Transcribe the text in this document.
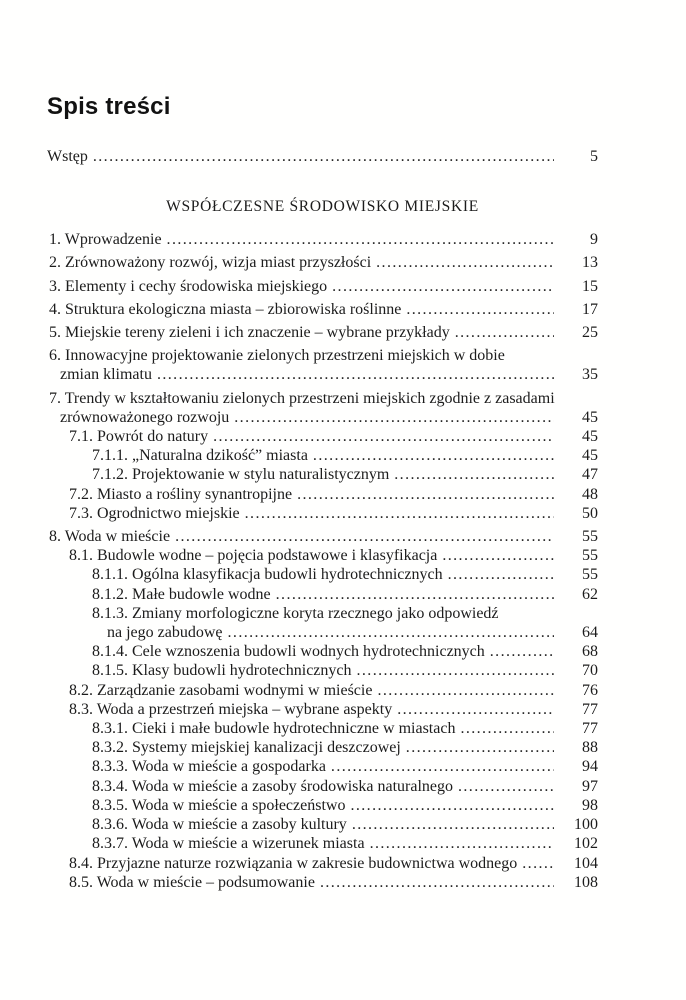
Spis treści
Wstęp .....	5
WSPÓŁCZESNE ŚRODOWISKO MIEJSKIE
1. Wprowadzenie .....	9
2. Zrównoważony rozwój, wizja miast przyszłości .....	13
3. Elementy i cechy środowiska miejskiego .....	15
4. Struktura ekologiczna miasta – zbiorowiska roślinne .....	17
5. Miejskie tereny zieleni i ich znaczenie – wybrane przykłady .....	25
6. Innowacyjne projektowanie zielonych przestrzeni miejskich w dobie
zmian klimatu .....	35
7. Trendy w kształtowaniu zielonych przestrzeni miejskich zgodnie z zasadami
zrównoważonego rozwoju .....	45
7.1. Powrót do natury .....	45
7.1.1. „Naturalna dzikość” miasta .....	45
7.1.2. Projektowanie w stylu naturalistycznym .....	47
7.2. Miasto a rośliny synantropijne .....	48
7.3. Ogrodnictwo miejskie .....	50
8. Woda w mieście .....	55
8.1. Budowle wodne – pojęcia podstawowe i klasyfikacja .....	55
8.1.1. Ogólna klasyfikacja budowli hydrotechnicznych .....	55
8.1.2. Małe budowle wodne .....	62
8.1.3. Zmiany morfologiczne koryta rzecznego jako odpowiedź
na jego zabudowę .....	64
8.1.4. Cele wznoszenia budowli wodnych hydrotechnicznych .....	68
8.1.5. Klasy budowli hydrotechnicznych .....	70
8.2. Zarządzanie zasobami wodnymi w mieście .....	76
8.3. Woda a przestrzeń miejska – wybrane aspekty .....	77
8.3.1. Cieki i małe budowle hydrotechniczne w miastach .....	77
8.3.2. Systemy miejskiej kanalizacji deszczowej .....	88
8.3.3. Woda w mieście a gospodarka .....	94
8.3.4. Woda w mieście a zasoby środowiska naturalnego .....	97
8.3.5. Woda w mieście a społeczeństwo .....	98
8.3.6. Woda w mieście a zasoby kultury .....	100
8.3.7. Woda w mieście a wizerunek miasta .....	102
8.4. Przyjazne naturze rozwiązania w zakresie budownictwa wodnego .....	104
8.5. Woda w mieście – podsumowanie .....	108
